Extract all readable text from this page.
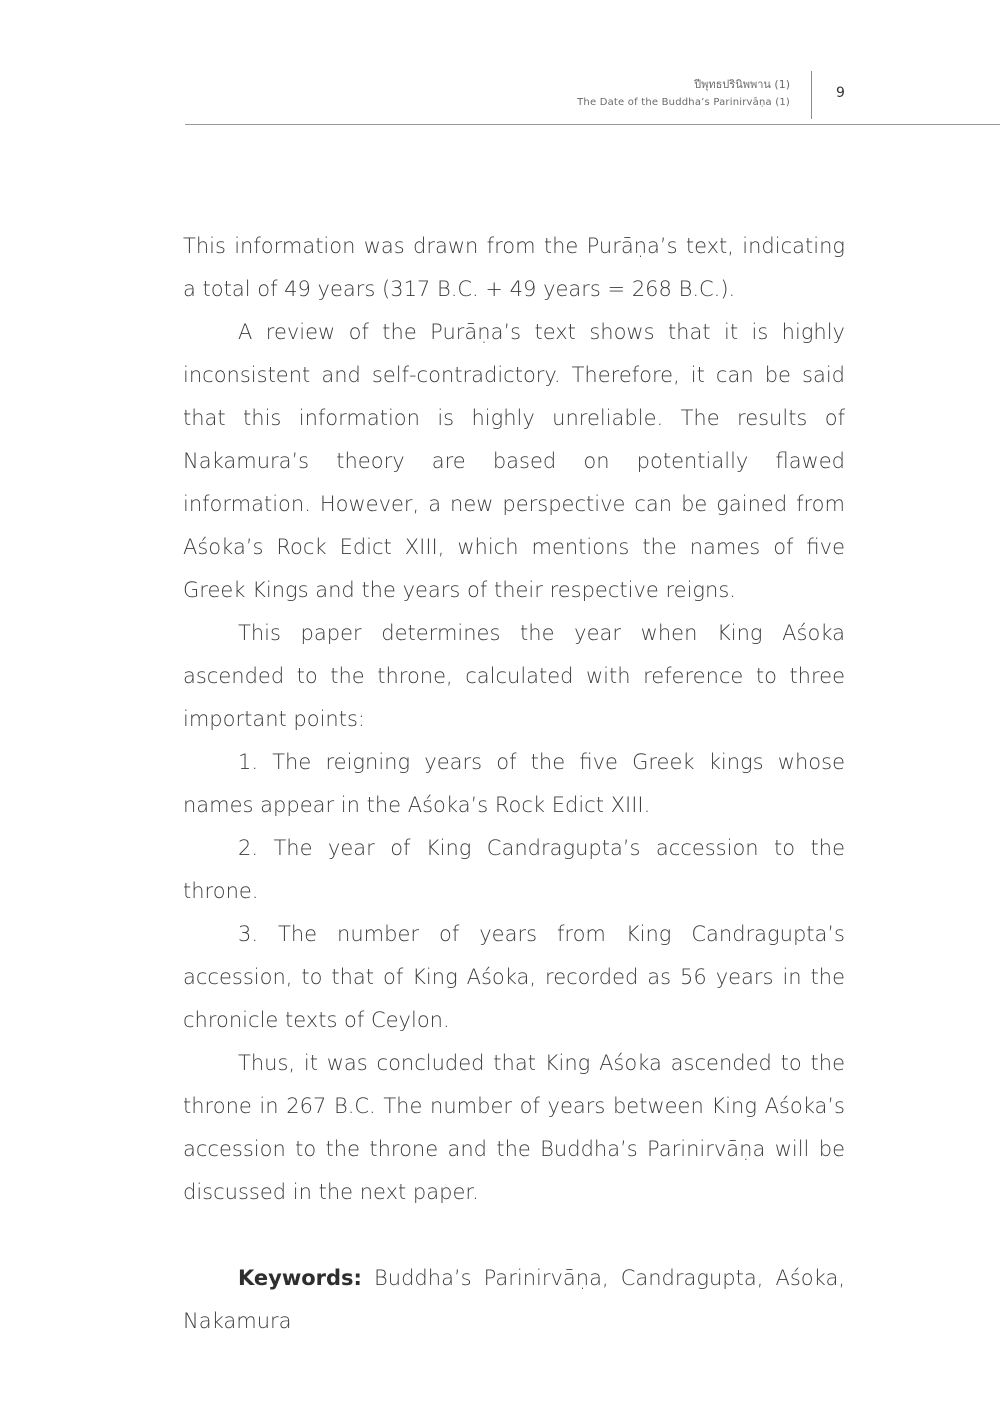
ปีพุทธปรินิพพาน (1)
The Date of the Buddha’s Parinirvāṇa (1)
9

This information was drawn from the Purāṇa’s text, indicating a total of 49 years (317 B.C. + 49 years = 268 B.C.).

A review of the Purāṇa’s text shows that it is highly inconsistent and self-contradictory. Therefore, it can be said that this information is highly unreliable. The results of Nakamura’s theory are based on potentially flawed information. However, a new perspective can be gained from Aśoka’s Rock Edict XIII, which mentions the names of five Greek Kings and the years of their respective reigns.

This paper determines the year when King Aśoka ascended to the throne, calculated with reference to three important points:

1. The reigning years of the five Greek kings whose names appear in the Aśoka’s Rock Edict XIII.

2. The year of King Candragupta’s accession to the throne.

3. The number of years from King Candragupta’s accession, to that of King Aśoka, recorded as 56 years in the chronicle texts of Ceylon.

Thus, it was concluded that King Aśoka ascended to the throne in 267 B.C. The number of years between King Aśoka’s accession to the throne and the Buddha’s Parinirvāṇa will be discussed in the next paper.

Keywords: Buddha’s Parinirvāṇa, Candragupta, Aśoka, Nakamura
